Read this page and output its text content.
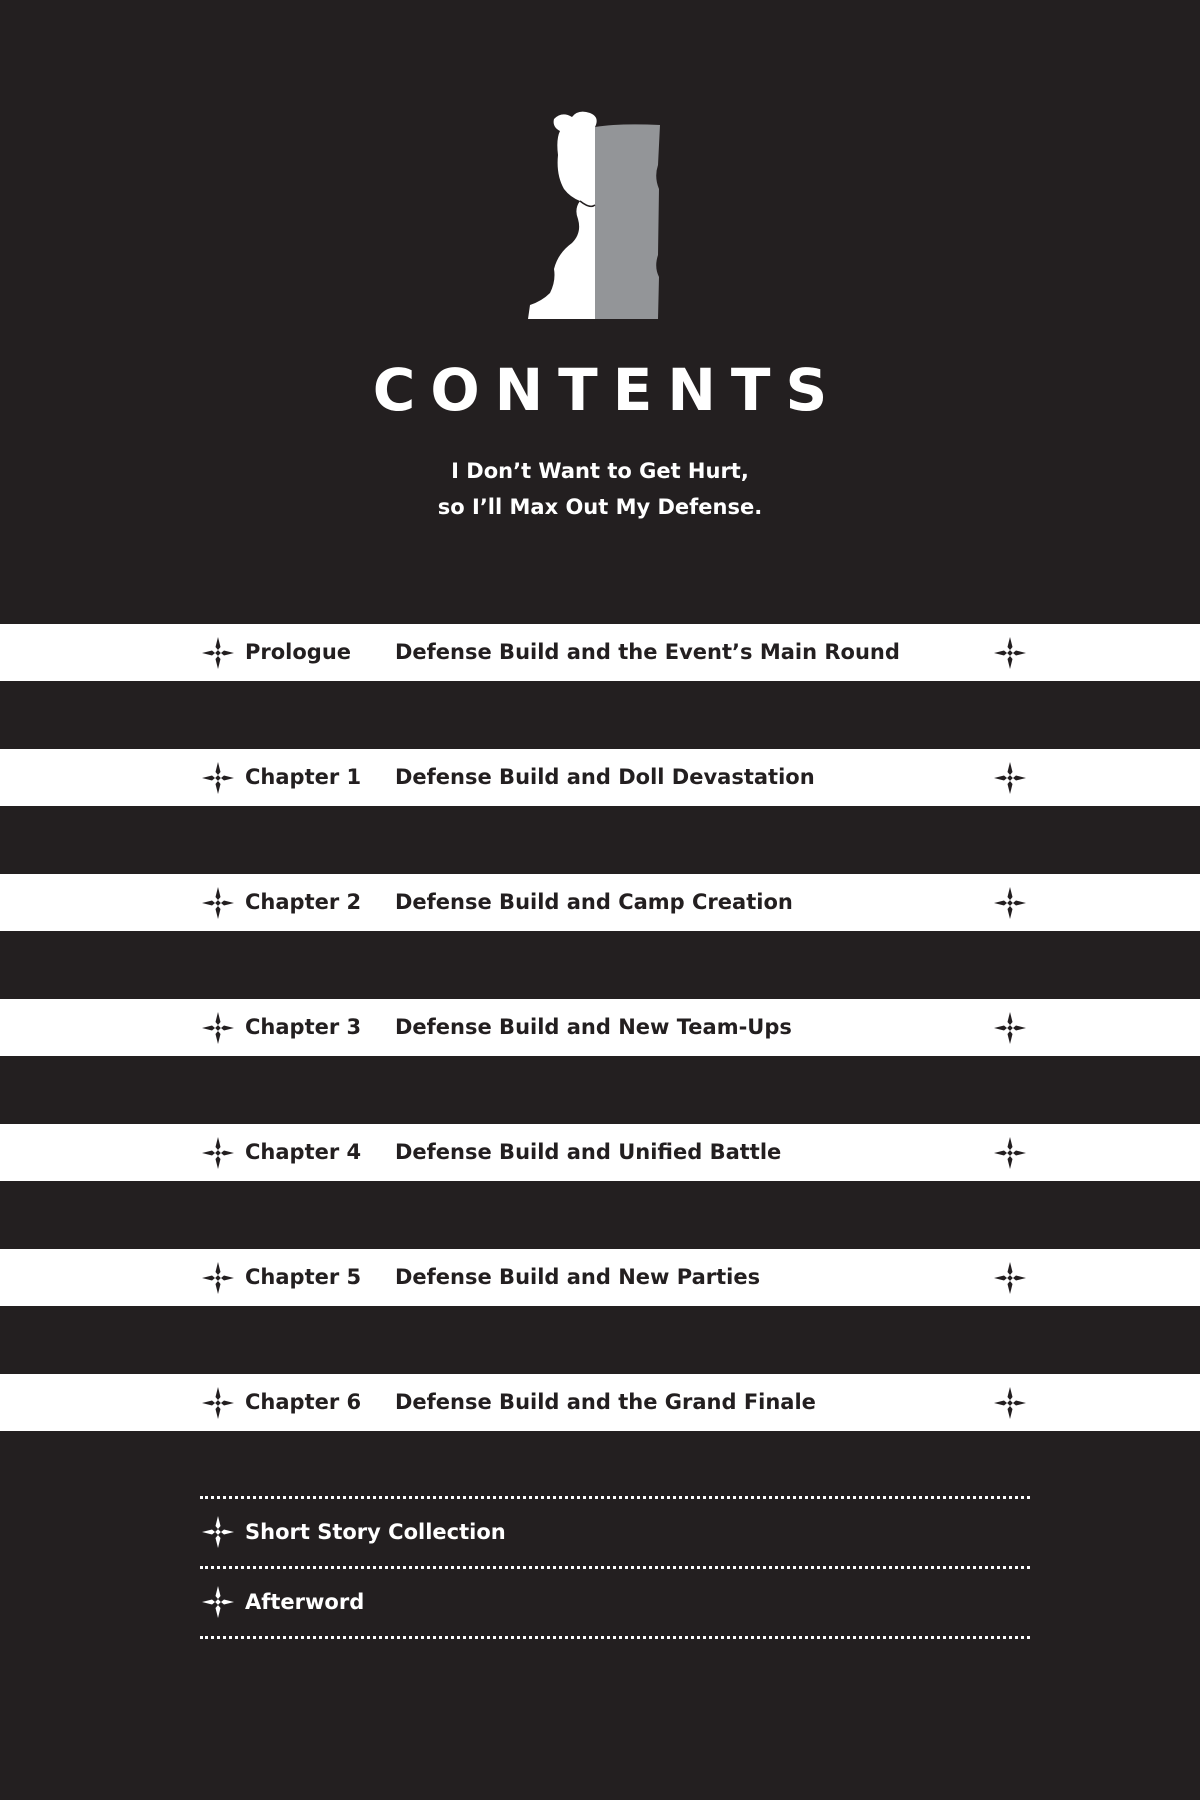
CONTENTS
I Don’t Want to Get Hurt,
so I’ll Max Out My Defense.
Prologue Defense Build and the Event’s Main Round
Chapter 1 Defense Build and Doll Devastation
Chapter 2 Defense Build and Camp Creation
Chapter 3 Defense Build and New Team-Ups
Chapter 4 Defense Build and Unified Battle
Chapter 5 Defense Build and New Parties
Chapter 6 Defense Build and the Grand Finale
Short Story Collection
Afterword
